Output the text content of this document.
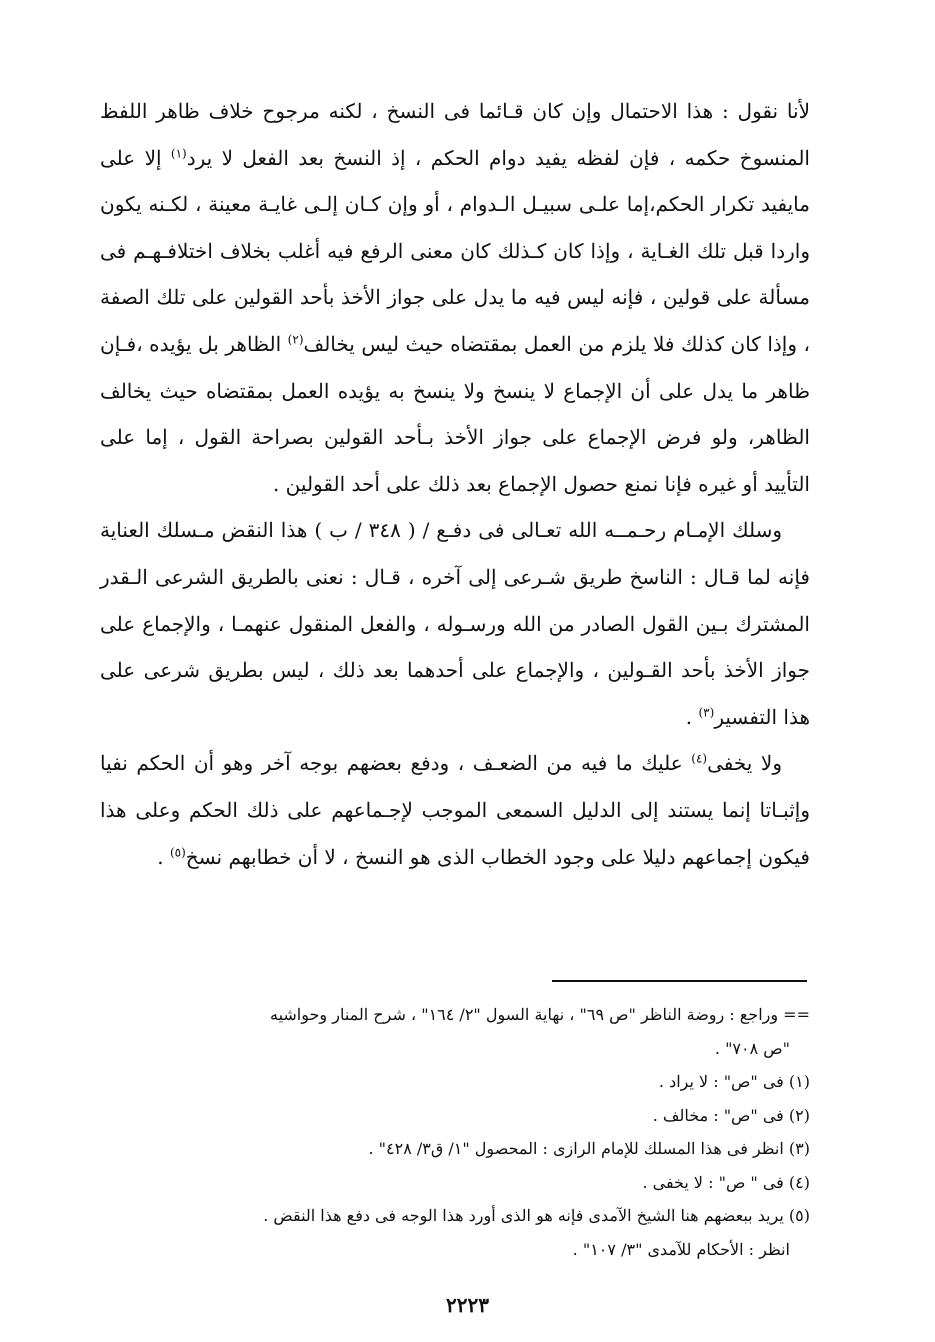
لأنا نقول : هذا الاحتمال وإن كان قـائما فى النسخ ، لكنه مرجوح خلاف ظاهر اللفظ المنسوخ حكمه ، فإن لفظه يفيد دوام الحكم ، إذ النسخ بعد الفعل لا يرد$^{(١)}$ إلا على مايفيد تكرار الحكم،إما علـى سبيـل الـدوام ، أو وإن كـان إلـى غايـة معينة ، لكـنه يكون واردا قبل تلك الغـاية ، وإذا كان كـذلك كان معنى الرفع فيه أغلب بخلاف اختلافـهـم فى مسألة على قولين ، فإنه ليس فيه ما يدل على جواز الأخذ بأحد القولين على تلك الصفة ، وإذا كان كذلك فلا يلزم من العمل بمقتضاه حيث ليس يخالف$^{(٢)}$ الظاهر بل يؤيده ،فـإن ظاهر ما يدل على أن الإجماع لا ينسخ ولا ينسخ به يؤيده العمل بمقتضاه حيث يخالف الظاهر، ولو فرض الإجماع على جواز الأخذ بـأحد القولين بصراحة القول ، إما على التأييد أو غيره فإنا نمنع حصول الإجماع بعد ذلك على أحد القولين .

وسلك الإمـام رحـمــه الله تعـالى فى دفـع / ( ٣٤٨ / ب ) هذا النقض مـسلك العناية فإنه لما قـال : الناسخ طريق شـرعى إلى آخره ، قـال : نعنى بالطريق الشرعى الـقدر المشترك بـين القول الصادر من الله ورسـوله ، والفعل المنقول عنهمـا ، والإجماع على جواز الأخذ بأحد القـولين ، والإجماع على أحدهما بعد ذلك ، ليس بطريق شرعى على هذا التفسير$^{(٣)}$ .

ولا يخفى$^{(٤)}$ عليك ما فيه من الضعـف ، ودفع بعضهم بوجه آخر وهو أن الحكم نفيا وإثبـاتا إنما يستند إلى الدليل السمعى الموجب لإجـماعهم على ذلك الحكم وعلى هذا فيكون إجماعهم دليلا على وجود الخطاب الذى هو النسخ ، لا أن خطابهم نسخ$^{(٥)}$ .

== وراجع : روضة الناظر "ص ٦٩" ، نهاية السول "٢/ ١٦٤" ، شرح المنار وحواشيه

"ص ٧٠٨" .

(١) فى "ص" : لا يراد .

(٢) فى "ص" : مخالف .

(٣) انظر فى هذا المسلك للإمام الرازى : المحصول "١/ ق٣/ ٤٢٨" .

(٤) فى " ص" : لا يخفى .

(٥) يريد ببعضهم هنا الشيخ الآمدى فإنه هو الذى أورد هذا الوجه فى دفع هذا النقض .

انظر : الأحكام للآمدى "٣/ ١٠٧" .

٢٢٢٣
